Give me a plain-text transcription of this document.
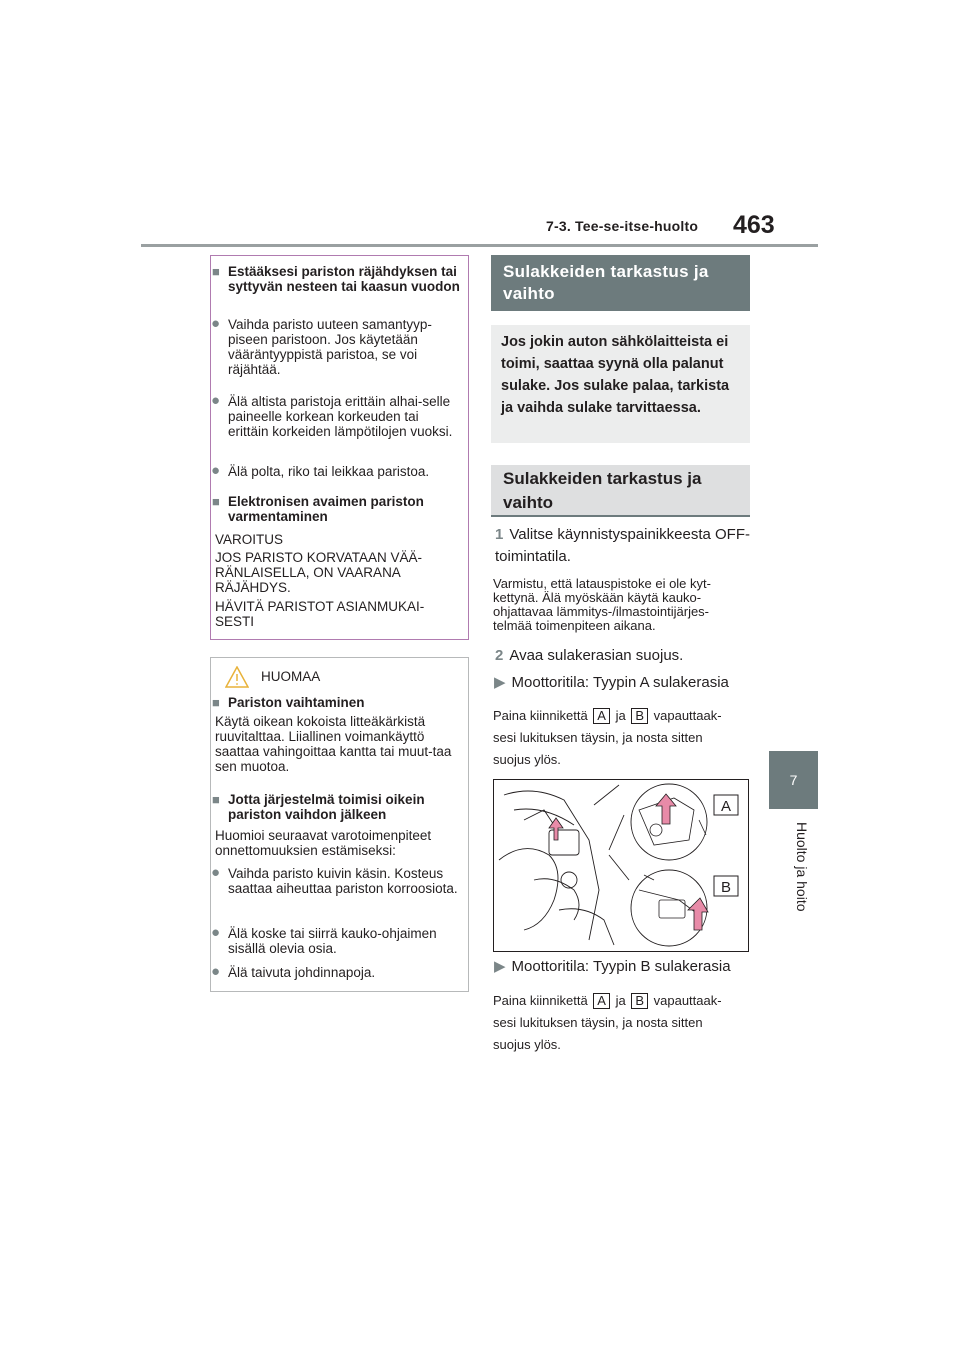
7-3. Tee-se-itse-huolto 463
7
Huolto ja hoito
■ Estääksesi pariston räjähdyksen tai syttyvän nesteen tai kaasun vuodon
● Vaihda paristo uuteen samantyyp-piseen paristoon. Jos käytetään vääräntyyppistä paristoa, se voi räjähtää.
● Älä altista paristoja erittäin alhai-selle paineelle korkean korkeuden tai erittäin korkeiden lämpötilojen vuoksi.
● Älä polta, riko tai leikkaa paristoa.
■ Elektronisen avaimen pariston varmentaminen
VAROITUS
JOS PARISTO KORVATAAN VÄÄ-RÄNLAISELLA, ON VAARANA RÄJÄHDYS.
HÄVITÄ PARISTOT ASIANMUKAI-SESTI
HUOMAA
■ Pariston vaihtaminen
Käytä oikean kokoista litteäkärkistä ruuvitalttaa. Liiallinen voimankäyttö saattaa vahingoittaa kantta tai muut-taa sen muotoa.
■ Jotta järjestelmä toimisi oikein pariston vaihdon jälkeen
Huomioi seuraavat varotoimenpiteet onnettomuuksien estämiseksi:
● Vaihda paristo kuivin käsin. Kosteus saattaa aiheuttaa pariston korroosiota.
● Älä koske tai siirrä kauko-ohjaimen sisällä olevia osia.
● Älä taivuta johdinnapoja.
Sulakkeiden tarkastus ja vaihto
Jos jokin auton sähkölaitteista ei toimi, saattaa syynä olla palanut sulake. Jos sulake palaa, tarkista ja vaihda sulake tarvittaessa.
Sulakkeiden tarkastus ja vaihto
1 Valitse käynnistyspainikkeesta OFF-toimintatila.
Varmistu, että latauspistoke ei ole kyt-kettynä. Älä myöskään käytä kauko-ohjattavaa lämmitys-/ilmastointijärjes-telmää toimenpiteen aikana.
2 Avaa sulakerasian suojus.
▶ Moottoritila: Tyypin A sulakerasia
Paina kiinnikettä A ja B vapauttaak-
sesi lukituksen täysin, ja nosta sitten
suojus ylös.
A
B
▶ Moottoritila: Tyypin B sulakerasia
Paina kiinnikettä A ja B vapauttaak-
sesi lukituksen täysin, ja nosta sitten
suojus ylös.
